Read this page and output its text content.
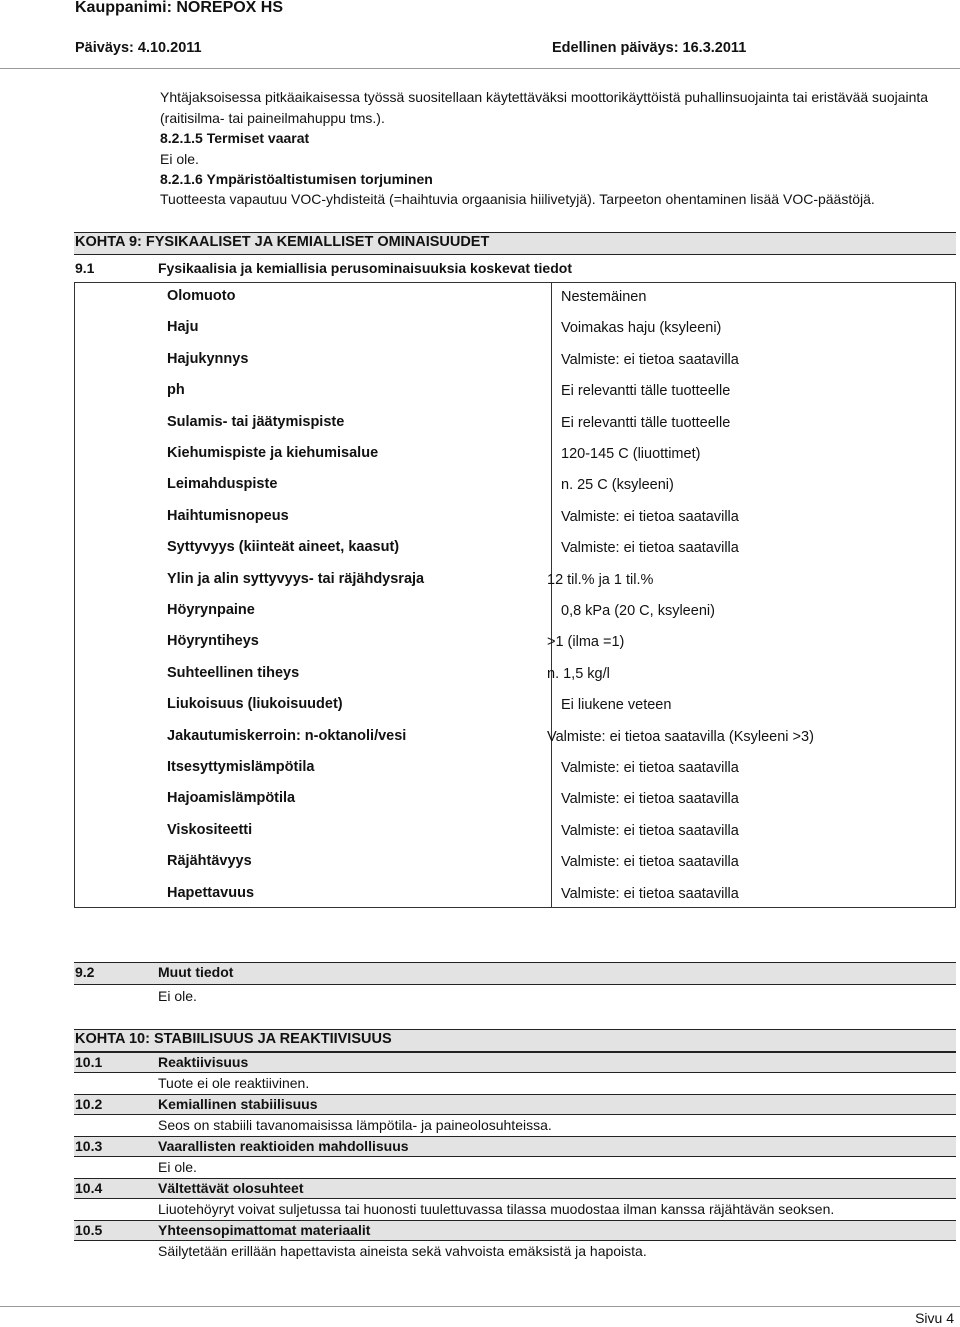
Kauppanimi: NOREPOX HS
Päiväys: 4.10.2011	Edellinen päiväys: 16.3.2011
Yhtäjaksoisessa pitkäaikaisessa työssä suositellaan käytettäväksi moottorikäyttöistä puhallinsuojainta tai eristävää suojainta
(raitisilma- tai paineilmahuppu tms.).
8.2.1.5 Termiset vaarat
Ei ole.
8.2.1.6 Ympäristöaltistumisen torjuminen
Tuotteesta vapautuu VOC-yhdisteitä (=haihtuvia orgaanisia hiilivetyjä). Tarpeeton ohentaminen lisää VOC-päästöjä.
KOHTA 9: FYSIKAALISET JA KEMIALLISET OMINAISUUDET
9.1	Fysikaalisia ja kemiallisia perusominaisuuksia koskevat tiedot
Olomuoto	Nestemäinen
Haju	Voimakas haju (ksyleeni)
Hajukynnys	Valmiste: ei tietoa saatavilla
ph	Ei relevantti tälle tuotteelle
Sulamis- tai jäätymispiste	Ei relevantti tälle tuotteelle
Kiehumispiste ja kiehumisalue	120-145 C (liuottimet)
Leimahduspiste	n. 25 C (ksyleeni)
Haihtumisnopeus	Valmiste: ei tietoa saatavilla
Syttyvyys (kiinteät aineet, kaasut)	Valmiste: ei tietoa saatavilla
Ylin ja alin syttyvyys- tai räjähdysraja	12 til.% ja 1 til.%
Höyrynpaine	0,8 kPa (20 C, ksyleeni)
Höyryntiheys	>1 (ilma =1)
Suhteellinen tiheys	n. 1,5 kg/l
Liukoisuus (liukoisuudet)	Ei liukene veteen
Jakautumiskerroin: n-oktanoli/vesi	Valmiste: ei tietoa saatavilla (Ksyleeni >3)
Itsesyttymislämpötila	Valmiste: ei tietoa saatavilla
Hajoamislämpötila	Valmiste: ei tietoa saatavilla
Viskositeetti	Valmiste: ei tietoa saatavilla
Räjähtävyys	Valmiste: ei tietoa saatavilla
Hapettavuus	Valmiste: ei tietoa saatavilla
9.2	Muut tiedot
Ei ole.
KOHTA 10: STABIILISUUS JA REAKTIIVISUUS
10.1	Reaktiivisuus
Tuote ei ole reaktiivinen.
10.2	Kemiallinen stabiilisuus
Seos on stabiili tavanomaisissa lämpötila- ja paineolosuhteissa.
10.3	Vaarallisten reaktioiden mahdollisuus
Ei ole.
10.4	Vältettävät olosuhteet
Liuotehöyryt voivat suljetussa tai huonosti tuulettuvassa tilassa muodostaa ilman kanssa räjähtävän seoksen.
10.5	Yhteensopimattomat materiaalit
Säilytetään erillään hapettavista aineista sekä vahvoista emäksistä ja hapoista.
Sivu 4
